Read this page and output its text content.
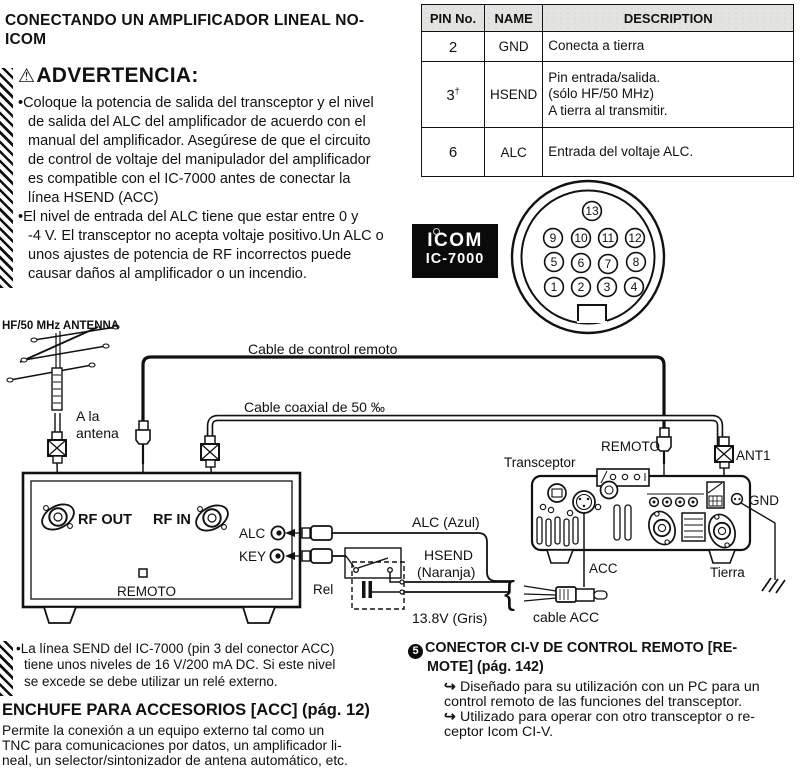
CONECTANDO UN AMPLIFICADOR LINEAL NO-
ICOM
⚠ADVERTENCIA:
•Coloque la potencia de salida del transceptor y el nivel
de salida del ALC del amplificador de acuerdo con el
manual del amplificador. Asegúrese de que el circuito
de control de voltaje del manipulador del amplificador
es compatible con el IC-7000 antes de conectar la
línea HSEND (ACC)
•El nivel de entrada del ALC tiene que estar entre 0 y
-4 V. El transceptor no acepta voltaje positivo.Un ALC o
unos ajustes de potencia de RF incorrectos puede
causar daños al amplificador o un incendio.
PIN No.	NAME	DESCRIPTION
2	GND	Conecta a tierra

3†	HSEND	Pin entrada/salida.
(sólo HF/50 MHz)
A tierra al transmitir.

6	ALC	Entrada del voltaje ALC.
ICOM
IC-7000
13
9 10 11 12
5 6 7 8
1 2 3 4
HF/50 MHz ANTENNA
A la
antena
Cable de control remoto
Cable coaxial de 50 ‰
RF OUT RF IN
ALC
KEY
REMOTO	Rel
ALC (Azul)
HSEND
(Naranja)
13.8V (Gris)
{
cable ACC
Transceptor
REMOTO
ANT1
GND
ACC	Tierra
•La línea SEND del IC-7000 (pin 3 del conector ACC)
tiene unos niveles de 16 V/200 mA DC. Si este nivel
se excede se debe utilizar un relé externo.
ENCHUFE PARA ACCESORIOS [ACC] (pág. 12)
Permite la conexión a un equipo externo tal como un
TNC para comunicaciones por datos, un amplificador li-
neal, un selector/sintonizador de antena automático, etc.
5 CONECTOR CI-V DE CONTROL REMOTO [RE-
MOTE] (pág. 142)
↪ Diseñado para su utilización con un PC para un
control remoto de las funciones del transceptor.
↪ Utilizado para operar con otro transceptor o re-
ceptor Icom CI-V.
